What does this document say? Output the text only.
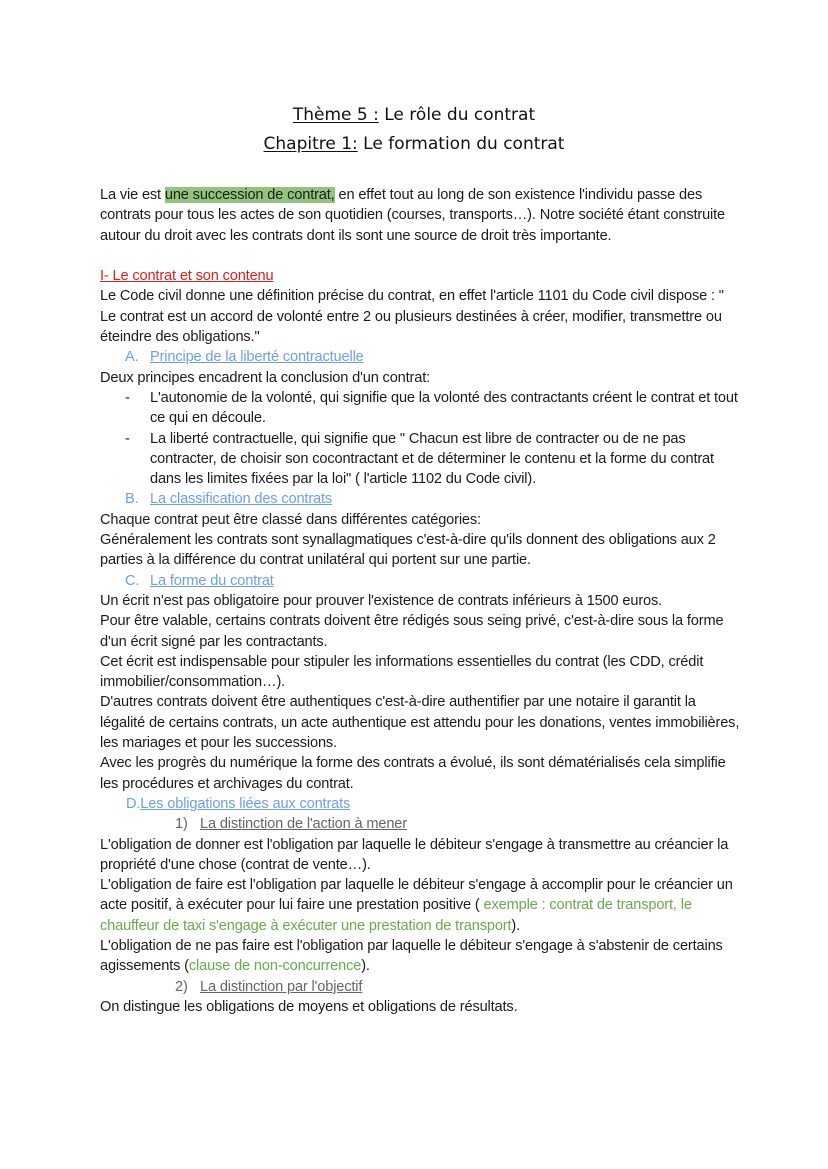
Thème 5 : Le rôle du contrat
Chapitre 1: Le formation du contrat

La vie est une succession de contrat, en effet tout au long de son existence l'individu passe des contrats pour tous les actes de son quotidien (courses, transports…). Notre société étant construite autour du droit avec les contrats dont ils sont une source de droit très importante.

I- Le contrat et son contenu

Le Code civil donne une définition précise du contrat, en effet l'article 1101 du Code civil dispose : " Le contrat est un accord de volonté entre 2 ou plusieurs destinées à créer, modifier, transmettre ou éteindre des obligations."

A. Principe de la liberté contractuelle

Deux principes encadrent la conclusion d'un contrat:

-	L'autonomie de la volonté, qui signifie que la volonté des contractants créent le contrat et tout ce qui en découle.
-	La liberté contractuelle, qui signifie que " Chacun est libre de contracter ou de ne pas contracter, de choisir son cocontractant et de déterminer le contenu et la forme du contrat dans les limites fixées par la loi" ( l'article 1102 du Code civil).

B. La classification des contrats

Chaque contrat peut être classé dans différentes catégories:

Généralement les contrats sont synallagmatiques c'est-à-dire qu'ils donnent des obligations aux 2 parties à la différence du contrat unilatéral qui portent sur une partie.

C. La forme du contrat

Un écrit n'est pas obligatoire pour prouver l'existence de contrats inférieurs à 1500 euros.

Pour être valable, certains contrats doivent être rédigés sous seing privé, c'est-à-dire sous la forme d'un écrit signé par les contractants.

Cet écrit est indispensable pour stipuler les informations essentielles du contrat (les CDD, crédit immobilier/consommation…).

D'autres contrats doivent être authentiques c'est-à-dire authentifier par une notaire il garantit la légalité de certains contrats, un acte authentique est attendu pour les donations, ventes immobilières, les mariages et pour les successions.

Avec les progrès du numérique la forme des contrats a évolué, ils sont dématérialisés cela simplifie les procédures et archivages du contrat.

D.Les obligations liées aux contrats

1) La distinction de l'action à mener

L'obligation de donner est l'obligation par laquelle le débiteur s'engage à transmettre au créancier la propriété d'une chose (contrat de vente…).

L'obligation de faire est l'obligation par laquelle le débiteur s'engage à accomplir pour le créancier un acte positif, à exécuter pour lui faire une prestation positive ( exemple : contrat de transport, le chauffeur de taxi s'engage à exécuter une prestation de transport).

L'obligation de ne pas faire est l'obligation par laquelle le débiteur s'engage à s'abstenir de certains agissements (clause de non-concurrence).

2) La distinction par l'objectif

On distingue les obligations de moyens et obligations de résultats.
